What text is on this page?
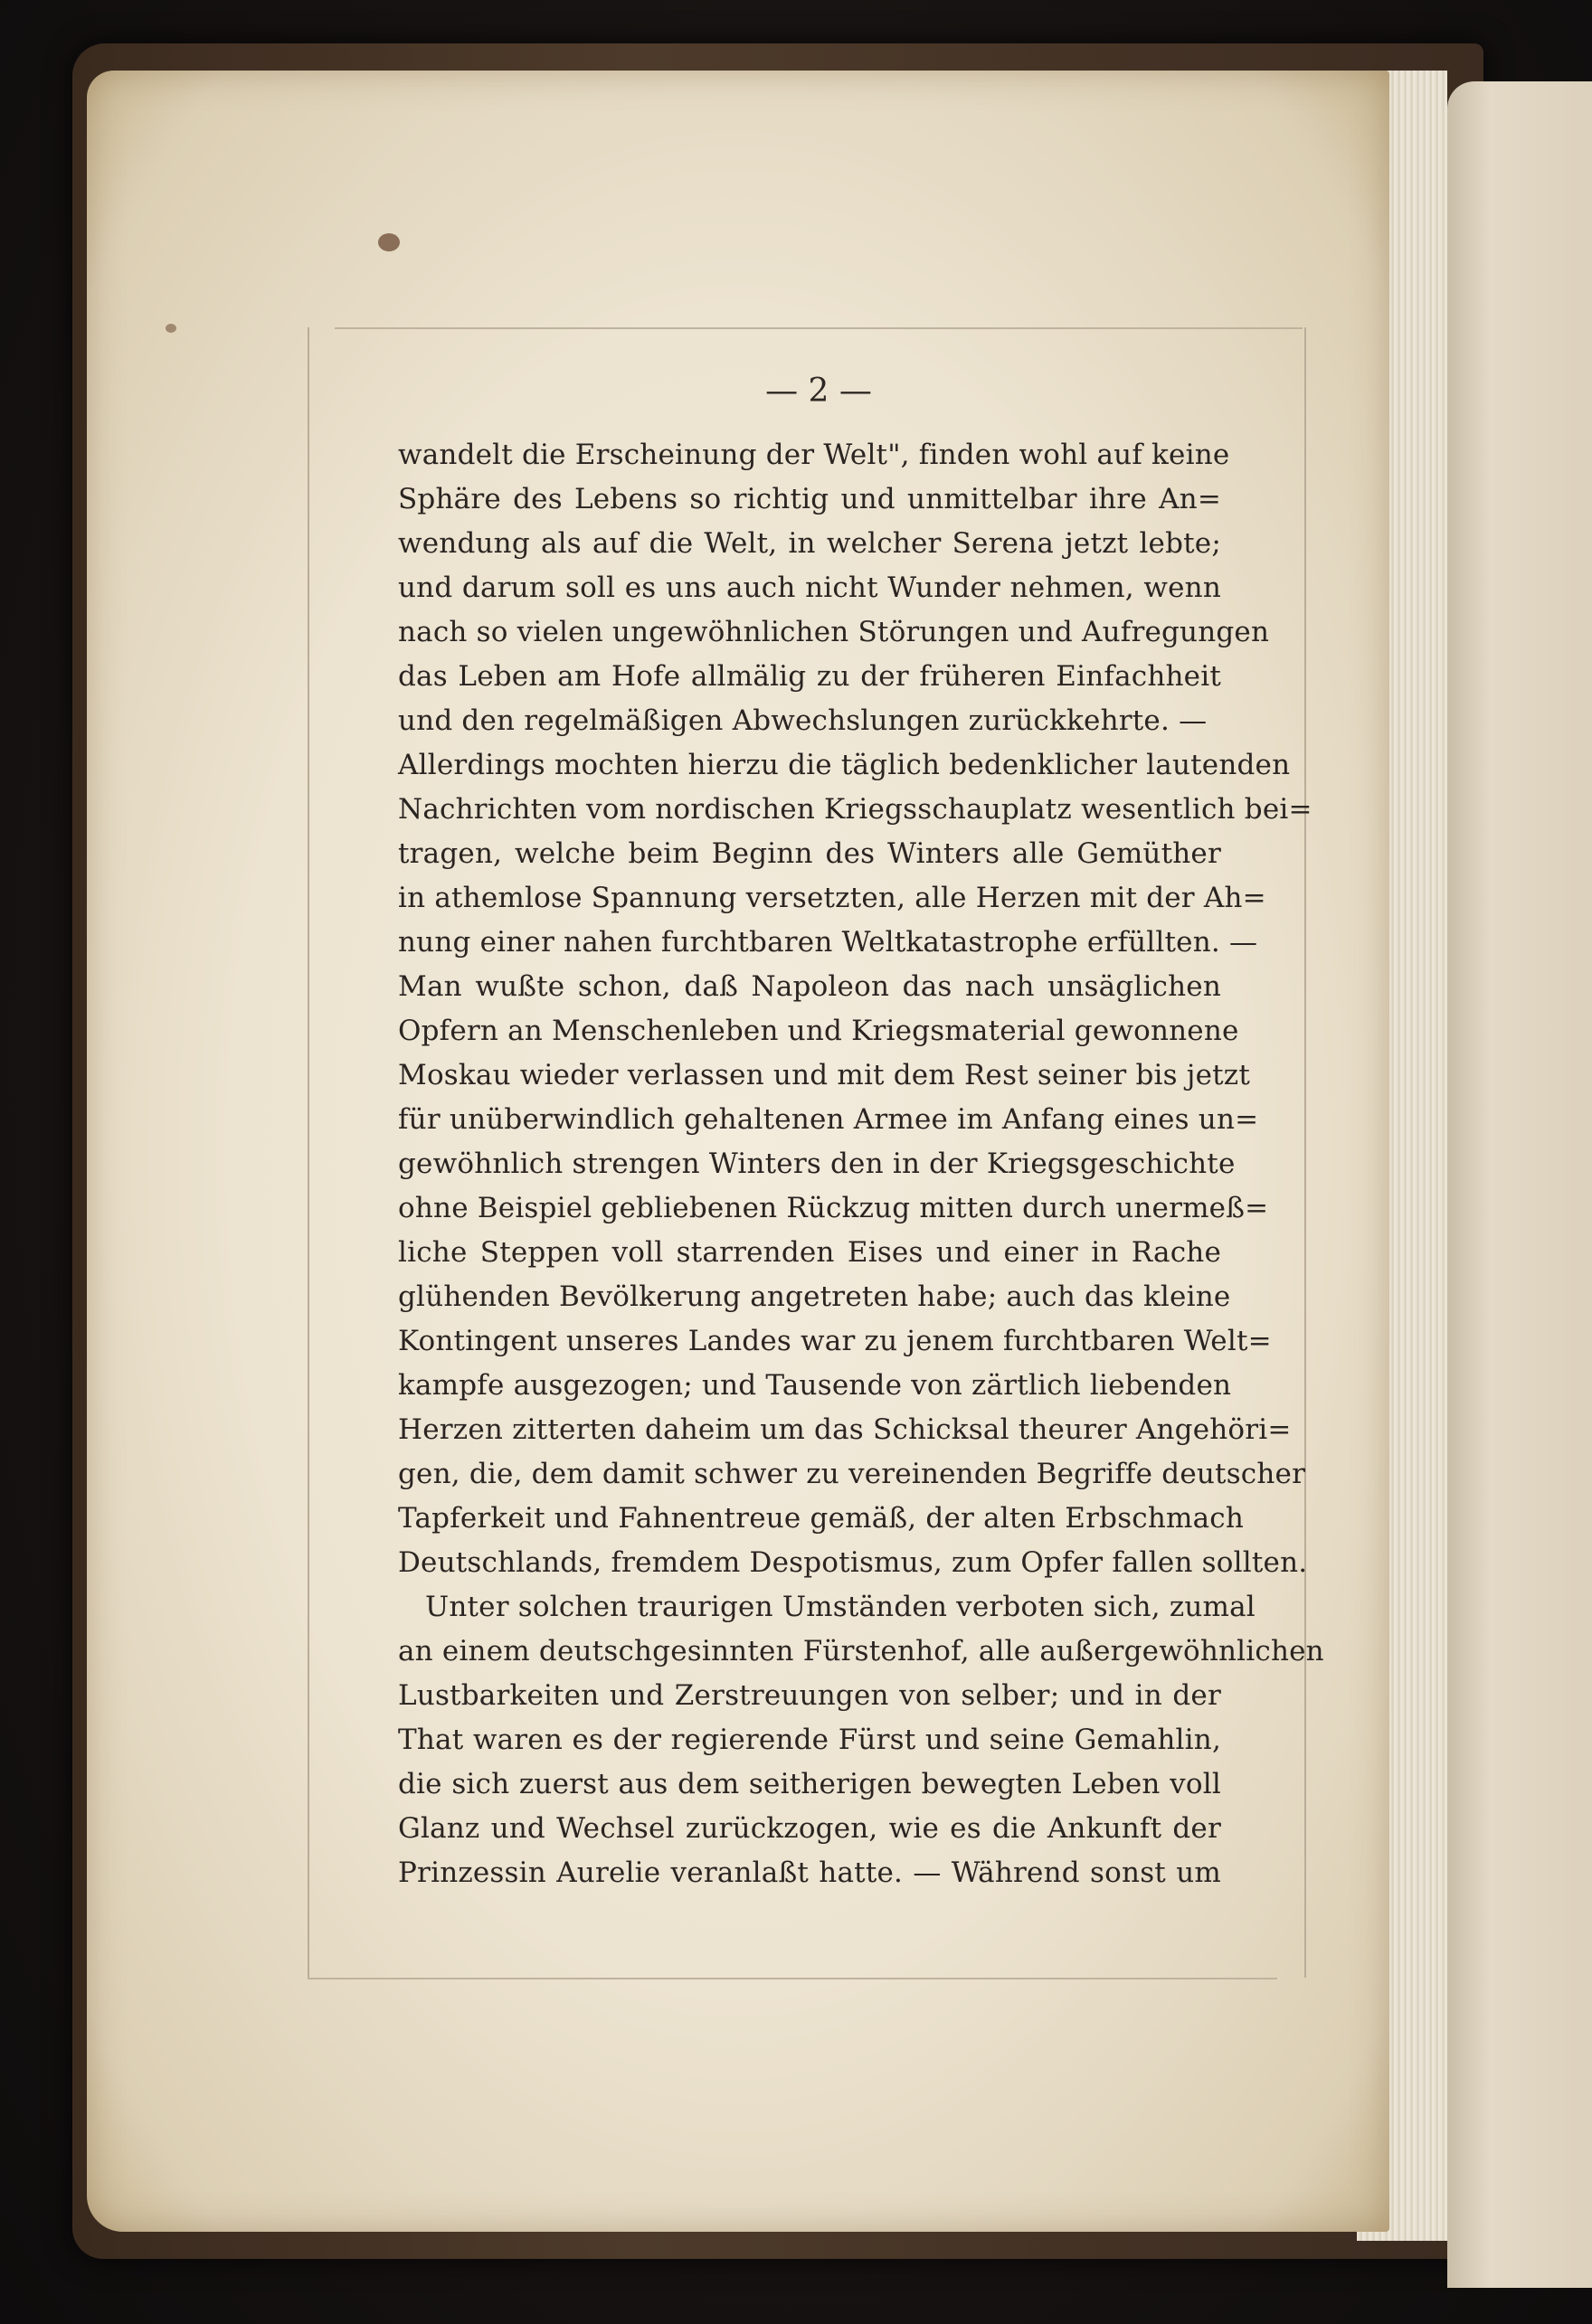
— 2 —
wandelt die Erscheinung der Welt", finden wohl auf keine
Sphäre des Lebens so richtig und unmittelbar ihre An=
wendung als auf die Welt, in welcher Serena jetzt lebte;
und darum soll es uns auch nicht Wunder nehmen, wenn
nach so vielen ungewöhnlichen Störungen und Aufregungen
das Leben am Hofe allmälig zu der früheren Einfachheit
und den regelmäßigen Abwechslungen zurückkehrte. —
Allerdings mochten hierzu die täglich bedenklicher lautenden
Nachrichten vom nordischen Kriegsschauplatz wesentlich bei=
tragen, welche beim Beginn des Winters alle Gemüther
in athemlose Spannung versetzten, alle Herzen mit der Ah=
nung einer nahen furchtbaren Weltkatastrophe erfüllten. —
Man wußte schon, daß Napoleon das nach unsäglichen
Opfern an Menschenleben und Kriegsmaterial gewonnene
Moskau wieder verlassen und mit dem Rest seiner bis jetzt
für unüberwindlich gehaltenen Armee im Anfang eines un=
gewöhnlich strengen Winters den in der Kriegsgeschichte
ohne Beispiel gebliebenen Rückzug mitten durch unermeß=
liche Steppen voll starrenden Eises und einer in Rache
glühenden Bevölkerung angetreten habe; auch das kleine
Kontingent unseres Landes war zu jenem furchtbaren Welt=
kampfe ausgezogen; und Tausende von zärtlich liebenden
Herzen zitterten daheim um das Schicksal theurer Angehöri=
gen, die, dem damit schwer zu vereinenden Begriffe deutscher
Tapferkeit und Fahnentreue gemäß, der alten Erbschmach
Deutschlands, fremdem Despotismus, zum Opfer fallen sollten.
Unter solchen traurigen Umständen verboten sich, zumal
an einem deutschgesinnten Fürstenhof, alle außergewöhnlichen
Lustbarkeiten und Zerstreuungen von selber; und in der
That waren es der regierende Fürst und seine Gemahlin,
die sich zuerst aus dem seitherigen bewegten Leben voll
Glanz und Wechsel zurückzogen, wie es die Ankunft der
Prinzessin Aurelie veranlaßt hatte. — Während sonst um
